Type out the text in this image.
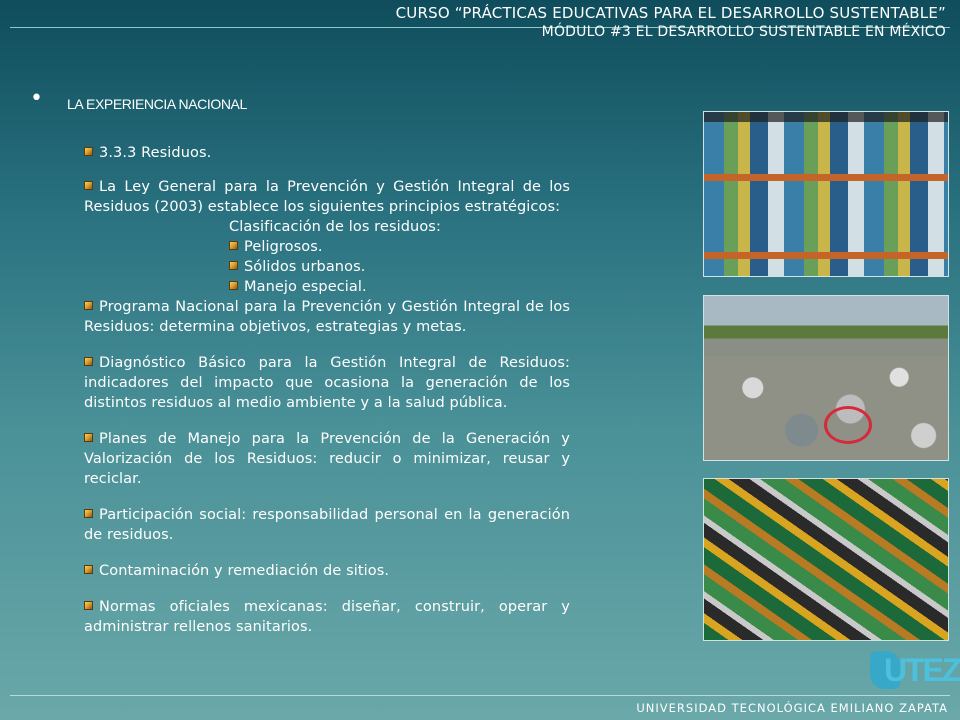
CURSO “PRÁCTICAS EDUCATIVAS PARA EL DESARROLLO SUSTENTABLE”
MÓDULO #3 EL DESARROLLO SUSTENTABLE EN MÉXICO
• LA EXPERIENCIA NACIONAL

3.3.3 Residuos.

La Ley General para la Prevención y Gestión Integral de los Residuos (2003) establece los siguientes principios estratégicos:

Clasificación de los residuos:

Peligrosos.

Sólidos urbanos.

Manejo especial.

Programa Nacional para la Prevención y Gestión Integral de los Residuos: determina objetivos, estrategias y metas.

Diagnóstico Básico para la Gestión Integral de Residuos: indicadores del impacto que ocasiona la generación de los distintos residuos al medio ambiente y a la salud pública.

Planes de Manejo para la Prevención de la Generación y Valorización de los Residuos: reducir o minimizar, reusar y reciclar.

Participación social: responsabilidad personal en la generación de residuos.

Contaminación y remediación de sitios.

Normas oficiales mexicanas: diseñar, construir, operar y administrar rellenos sanitarios.

UNIVERSIDAD TECNOLÓGICA EMILIANO ZAPATA
UTEZ
